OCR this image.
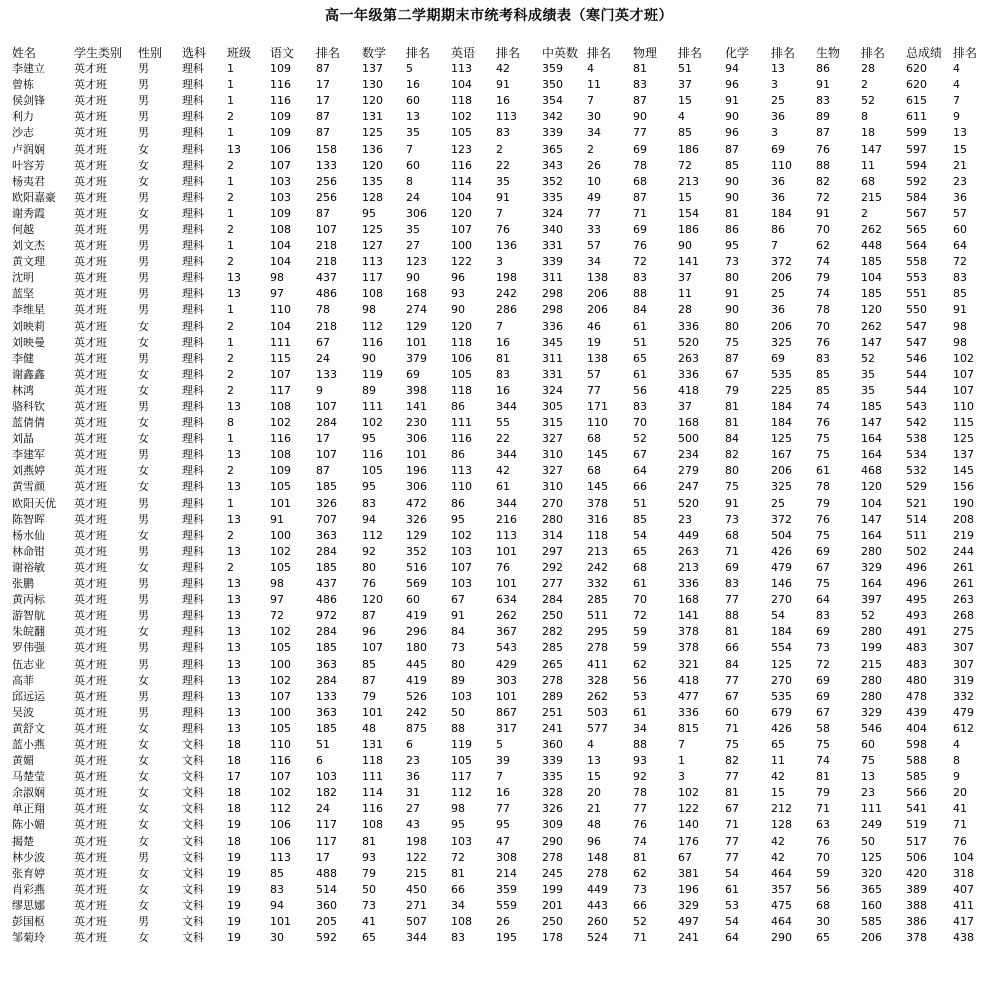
高一年级第二学期期末市统考科成绩表（寒门英才班）
姓名	学生类别	性别	选科	班级	语文	排名	数学	排名	英语	排名	中英数	排名	物理	排名	化学	排名	生物	排名	总成绩	排名
李建立	英才班	男	理科	1	109	87	137	5	113	42	359	4	81	51	94	13	86	28	620	4
曾栋	英才班	男	理科	1	116	17	130	16	104	91	350	11	83	37	96	3	91	2	620	4
侯剑锋	英才班	男	理科	1	116	17	120	60	118	16	354	7	87	15	91	25	83	52	615	7
利力	英才班	男	理科	2	109	87	131	13	102	113	342	30	90	4	90	36	89	8	611	9
沙志	英才班	男	理科	1	109	87	125	35	105	83	339	34	77	85	96	3	87	18	599	13
卢润娴	英才班	女	理科	13	106	158	136	7	123	2	365	2	69	186	87	69	76	147	597	15
叶容芳	英才班	女	理科	2	107	133	120	60	116	22	343	26	78	72	85	110	88	11	594	21
杨夷君	英才班	女	理科	1	103	256	135	8	114	35	352	10	68	213	90	36	82	68	592	23
欧阳嘉豪	英才班	男	理科	2	103	256	128	24	104	91	335	49	87	15	90	36	72	215	584	36
谢秀霞	英才班	女	理科	1	109	87	95	306	120	7	324	77	71	154	81	184	91	2	567	57
何越	英才班	男	理科	2	108	107	125	35	107	76	340	33	69	186	86	86	70	262	565	60
刘文杰	英才班	男	理科	1	104	218	127	27	100	136	331	57	76	90	95	7	62	448	564	64
黄文理	英才班	男	理科	2	104	218	113	123	122	3	339	34	72	141	73	372	74	185	558	72
沈明	英才班	男	理科	13	98	437	117	90	96	198	311	138	83	37	80	206	79	104	553	83
蓝坚	英才班	男	理科	13	97	486	108	168	93	242	298	206	88	11	91	25	74	185	551	85
李维星	英才班	男	理科	1	110	78	98	274	90	286	298	206	84	28	90	36	78	120	550	91
刘映莉	英才班	女	理科	2	104	218	112	129	120	7	336	46	61	336	80	206	70	262	547	98
刘映曼	英才班	女	理科	1	111	67	116	101	118	16	345	19	51	520	75	325	76	147	547	98
李健	英才班	男	理科	2	115	24	90	379	106	81	311	138	65	263	87	69	83	52	546	102
谢鑫鑫	英才班	女	理科	2	107	133	119	69	105	83	331	57	61	336	67	535	85	35	544	107
林鸿	英才班	女	理科	2	117	9	89	398	118	16	324	77	56	418	79	225	85	35	544	107
骆科钦	英才班	男	理科	13	108	107	111	141	86	344	305	171	83	37	81	184	74	185	543	110
蓝倩倩	英才班	女	理科	8	102	284	102	230	111	55	315	110	70	168	81	184	76	147	542	115
刘晶	英才班	女	理科	1	116	17	95	306	116	22	327	68	52	500	84	125	75	164	538	125
李建军	英才班	男	理科	13	108	107	116	101	86	344	310	145	67	234	82	167	75	164	534	137
刘燕婷	英才班	女	理科	2	109	87	105	196	113	42	327	68	64	279	80	206	61	468	532	145
黄雪颜	英才班	女	理科	13	105	185	95	306	110	61	310	145	66	247	75	325	78	120	529	156
欧阳天优	英才班	男	理科	1	101	326	83	472	86	344	270	378	51	520	91	25	79	104	521	190
陈智晖	英才班	男	理科	13	91	707	94	326	95	216	280	316	85	23	73	372	76	147	514	208
杨水仙	英才班	女	理科	2	100	363	112	129	102	113	314	118	54	449	68	504	75	164	511	219
林命钳	英才班	男	理科	13	102	284	92	352	103	101	297	213	65	263	71	426	69	280	502	244
谢裕敏	英才班	女	理科	2	105	185	80	516	107	76	292	242	68	213	69	479	67	329	496	261
张鹏	英才班	男	理科	13	98	437	76	569	103	101	277	332	61	336	83	146	75	164	496	261
黄丙标	英才班	男	理科	13	97	486	120	60	67	634	284	285	70	168	77	270	64	397	495	263
游智航	英才班	男	理科	13	72	972	87	419	91	262	250	511	72	141	88	54	83	52	493	268
朱皖翻	英才班	女	理科	13	102	284	96	296	84	367	282	295	59	378	81	184	69	280	491	275
罗伟强	英才班	男	理科	13	105	185	107	180	73	543	285	278	59	378	66	554	73	199	483	307
伍志业	英才班	男	理科	13	100	363	85	445	80	429	265	411	62	321	84	125	72	215	483	307
高菲	英才班	女	理科	13	102	284	87	419	89	303	278	328	56	418	77	270	69	280	480	319
邱远运	英才班	男	理科	13	107	133	79	526	103	101	289	262	53	477	67	535	69	280	478	332
吴波	英才班	男	理科	13	100	363	101	242	50	867	251	503	61	336	60	679	67	329	439	479
黄舒文	英才班	女	理科	13	105	185	48	875	88	317	241	577	34	815	71	426	58	546	404	612
蓝小燕	英才班	女	文科	18	110	51	131	6	119	5	360	4	88	7	75	65	75	60	598	4
黄媚	英才班	女	文科	18	116	6	118	23	105	39	339	13	93	1	82	11	74	75	588	8
马楚莹	英才班	女	文科	17	107	103	111	36	117	7	335	15	92	3	77	42	81	13	585	9
余淑娴	英才班	女	文科	18	102	182	114	31	112	16	328	20	78	102	81	15	79	23	566	20
单正翔	英才班	女	文科	18	112	24	116	27	98	77	326	21	77	122	67	212	71	111	541	41
陈小媚	英才班	女	文科	19	106	117	108	43	95	95	309	48	76	140	71	128	63	249	519	71
揭楚	英才班	女	文科	18	106	117	81	198	103	47	290	96	74	176	77	42	76	50	517	76
林少波	英才班	男	文科	19	113	17	93	122	72	308	278	148	81	67	77	42	70	125	506	104
张育婷	英才班	女	文科	19	85	488	79	215	81	214	245	278	62	381	54	464	59	320	420	318
肖彩燕	英才班	女	文科	19	83	514	50	450	66	359	199	449	73	196	61	357	56	365	389	407
缪思娜	英才班	女	文科	19	94	360	73	271	34	559	201	443	66	329	53	475	68	160	388	411
彭国枢	英才班	男	文科	19	101	205	41	507	108	26	250	260	52	497	54	464	30	585	386	417
邹菊玲	英才班	女	文科	19	30	592	65	344	83	195	178	524	71	241	64	290	65	206	378	438
